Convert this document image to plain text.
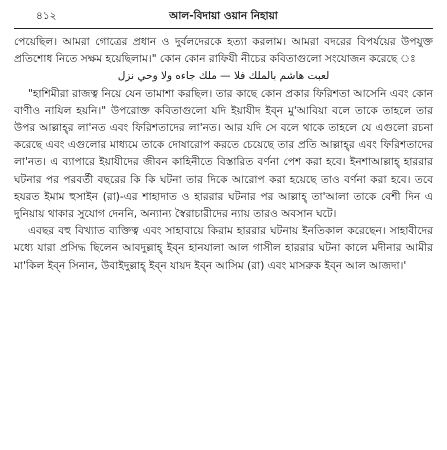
৪১২	আল-বিদায়া ওয়ান নিহায়া

পেয়েছিল। আমরা গোত্রের প্রধান ও দুর্বলদেরকে হত্যা করলাম। আমরা বদরের বিপর্যয়ের উপযুক্ত প্রতিশোধ নিতে সক্ষম হয়েছিলাম।" কোন কোন রাফিযী নীচের কবিতাগুলো সংযোজন করেছে ঃ

لعبت هاشم بالملك فلا — ملك جاءه ولا وحي نزل

"হাশিমীরা রাজত্ব নিয়ে যেন তামাশা করছিল। তার কাছে কোন প্রকার ফিরিশতা আসেনি এবং কোন বাণীও নাযিল হয়নি।" উপরোক্ত কবিতাগুলো যদি ইয়াযীদ ইব্‌ন মু'আবিয়া বলে তাকে তাহলে তার উপর আল্লাহ্‌র লা'নত এবং ফিরিশতাদের লা'নত। আর যদি সে বলে থাকে তাহলে যে এগুলো রচনা করেছে এবং এগুলোর মাধ্যমে তাকে দোষারোপ করতে চেয়েছে তার প্রতি আল্লাহ্‌র এবং ফিরিশতাদের লা'নত। এ ব্যাপারে ইয়াযীদের জীবন কাহিনীতে বিস্তারিত বর্ণনা পেশ করা হবে। ইনশাআল্লাহ্‌ হাররার ঘটনার পর পরবর্তী বছরের কি কি ঘটনা তার দিকে আরোপ করা হয়েছে তাও বর্ণনা করা হবে। তবে হযরত ইমাম হুসাইন (রা)-এর শাহাদাত ও হাররার ঘটনার পর আল্লাহ্‌ তা'আলা তাকে বেশী দিন এ দুনিয়ায় থাকার সুযোগ দেননি, অন্যান্য স্বৈরাচারীদের ন্যায় তারও অবসান ঘটে।

এবছর বহু বিখ্যাত ব্যক্তিত্ব এবং সাহাবায়ে কিরাম হাররার ঘটনায় ইনতিকাল করেছেন। সাহাবীদের মধ্যে যারা প্রসিদ্ধ ছিলেন আবদুল্লাহ্‌ ইব্‌ন হানযালা আল গাসীল হাররার ঘটনা কালে মদীনার আমীর মা'কিল ইব্‌ন সিনান, উবাইদুল্লাহ্‌ ইব্‌ন যায়দ ইব্‌ন আসিম (রা) এবং মাসরুক ইব্‌ন আল আজদা।'
